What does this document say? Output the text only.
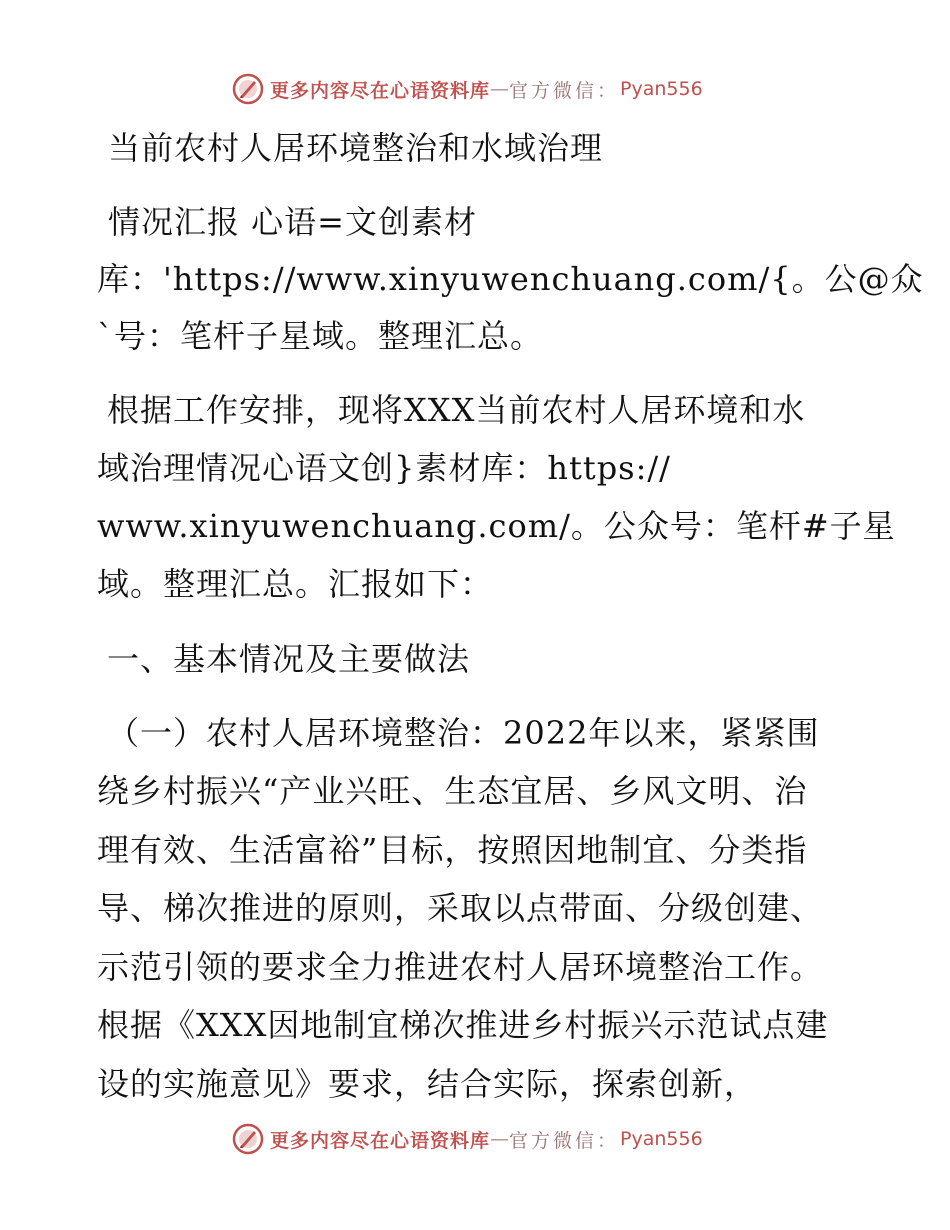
更多内容尽在心语资料库 — 官方微信 ： Pyan556
当前农村人居环境整治和水域治理
情况汇报 心语=文创素材
库：'https://www.xinyuwenchuang.com/{。公@众
`号：笔杆子星域。整理汇总。
根据工作安排，现将XXX当前农村人居环境和水
域治理情况心语文创}素材库：https://
www.xinyuwenchuang.com/。公众号：笔杆#子星
域。整理汇总。汇报如下：
一、基本情况及主要做法
（一）农村人居环境整治：2022年以来，紧紧围
绕乡村振兴“产业兴旺、生态宜居、乡风文明、治
理有效、生活富裕”目标，按照因地制宜、分类指
导、梯次推进的原则，采取以点带面、分级创建、
示范引领的要求全力推进农村人居环境整治工作。
根据《XXX因地制宜梯次推进乡村振兴示范试点建
设的实施意见》要求，结合实际，探索创新，
更多内容尽在心语资料库 — 官方微信 ： Pyan556
